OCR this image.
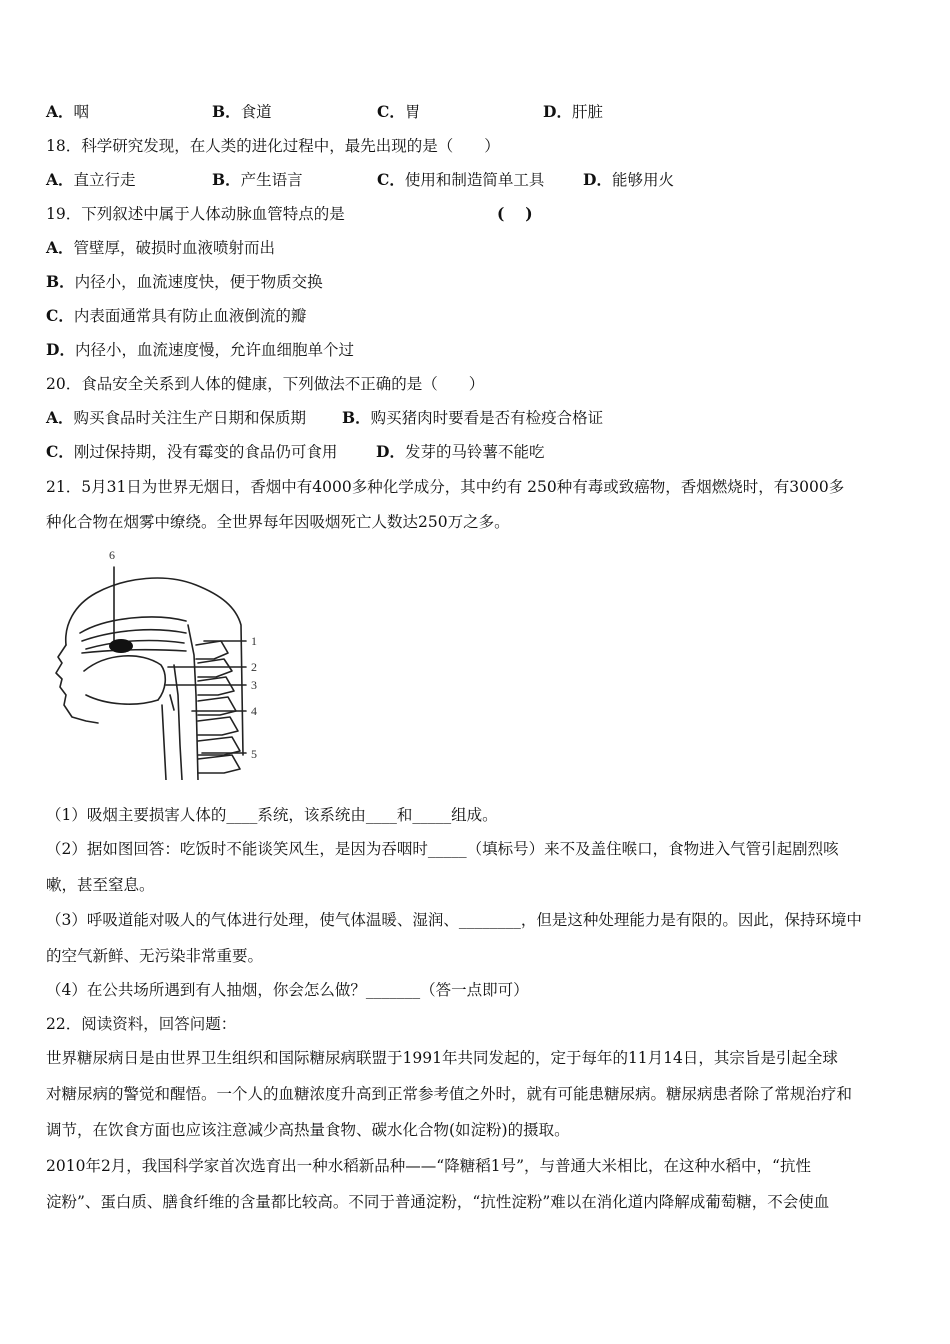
A．咽	B．食道	C．胃	D．肝脏
18．科学研究发现，在人类的进化过程中，最先出现的是（　　）
A．直立行走	B．产生语言	C．使用和制造简单工具 D．能够用火
19．下列叙述中属于人体动脉血管特点的是	(　 )
A．管壁厚，破损时血液喷射而出
B．内径小，血流速度快，便于物质交换
C．内表面通常具有防止血液倒流的瓣
D．内径小，血流速度慢，允许血细胞单个过
20．食品安全关系到人体的健康，下列做法不正确的是（　　）
A．购买食品时关注生产日期和保质期 B．购买猪肉时要看是否有检疫合格证
C．刚过保持期，没有霉变的食品仍可食用 D．发芽的马铃薯不能吃
21．5月31日为世界无烟日，香烟中有4000多种化学成分，其中约有 250种有毒或致癌物，香烟燃烧时，有3000多
种化合物在烟雾中缭绕。全世界每年因吸烟死亡人数达250万之多。
6
1
2
3
4
5
（1）吸烟主要损害人体的____系统，该系统由____和_____组成。
（2）据如图回答：吃饭时不能谈笑风生，是因为吞咽时_____（填标号）来不及盖住喉口，食物进入气管引起剧烈咳
嗽，甚至窒息。
（3）呼吸道能对吸人的气体进行处理，使气体温暖、湿润、________，但是这种处理能力是有限的。因此，保持环境中
的空气新鲜、无污染非常重要。
（4）在公共场所遇到有人抽烟，你会怎么做？_______（答一点即可）
22．阅读资料，回答问题：
世界糖尿病日是由世界卫生组织和国际糖尿病联盟于1991年共同发起的，定于每年的11月14日，其宗旨是引起全球
对糖尿病的警觉和醒悟。一个人的血糖浓度升高到正常参考值之外时，就有可能患糖尿病。糖尿病患者除了常规治疗和
调节，在饮食方面也应该注意减少高热量食物、碳水化合物(如淀粉)的摄取。
2010年2月，我国科学家首次选育出一种水稻新品种——“降糖稻1号”，与普通大米相比，在这种水稻中，“抗性
淀粉”、蛋白质、膳食纤维的含量都比较高。不同于普通淀粉，“抗性淀粉”难以在消化道内降解成葡萄糖，不会使血
